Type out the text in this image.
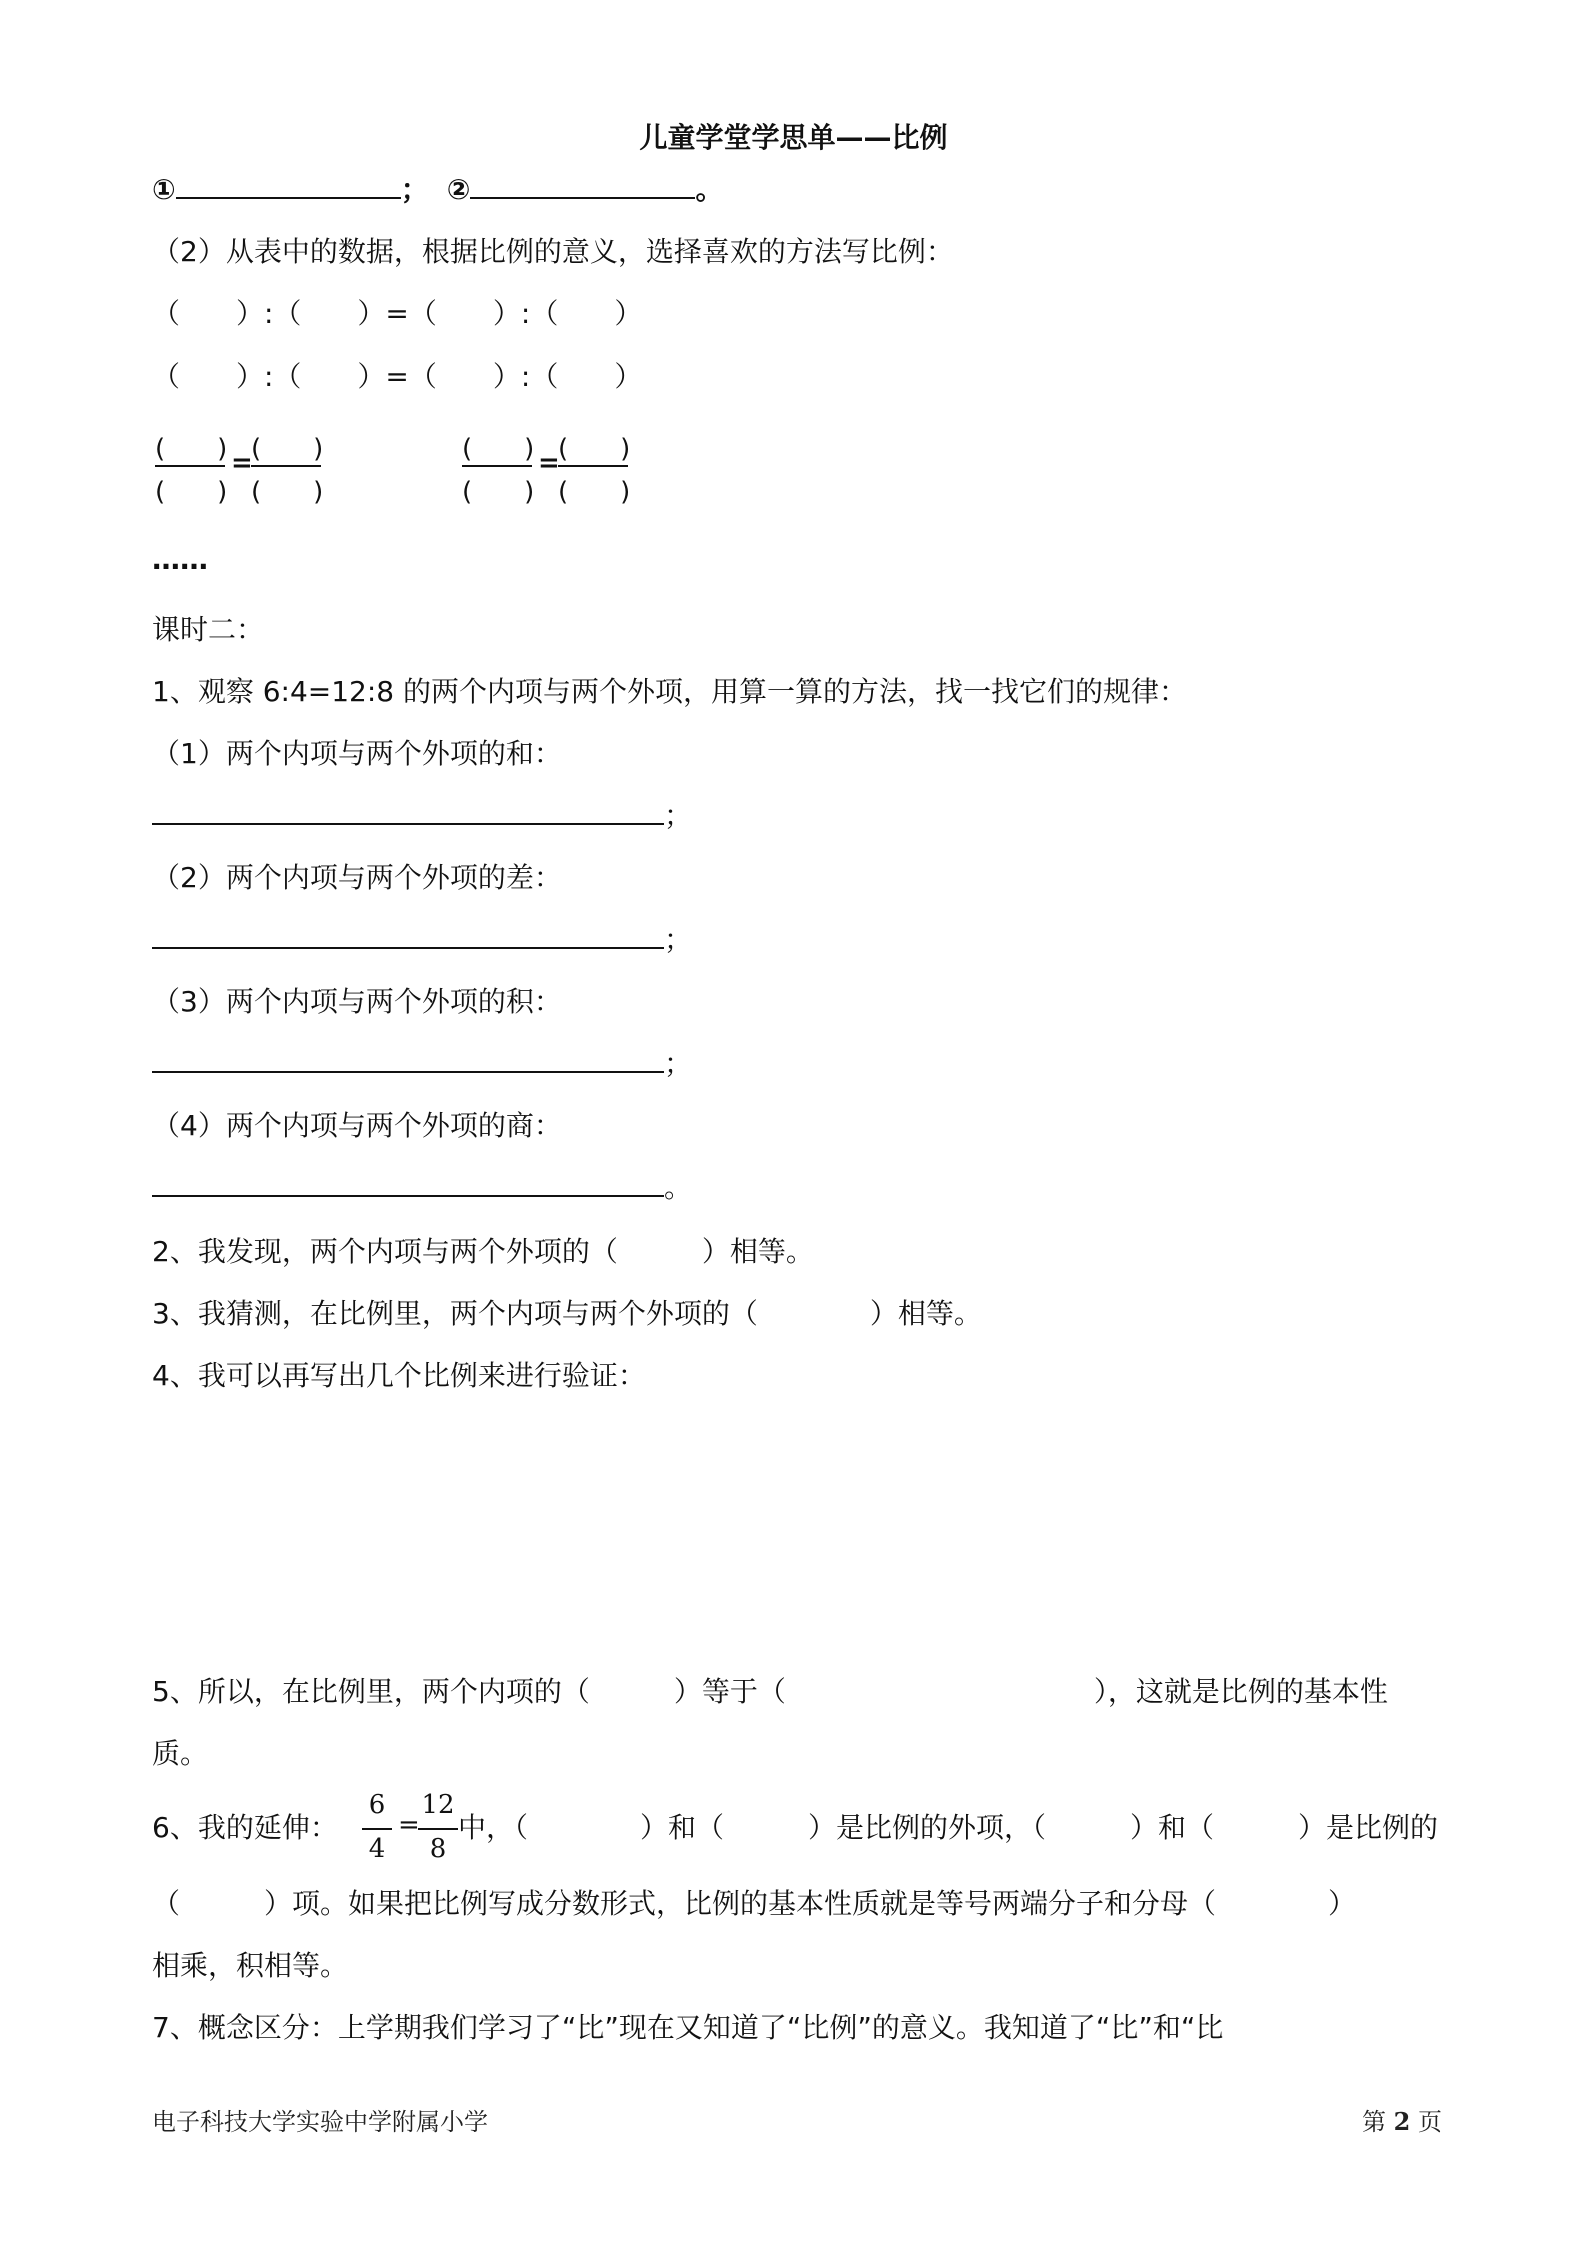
儿童学堂学思单——比例
①	； ②	。
（2）从表中的数据，根据比例的意义，选择喜欢的方法写比例：
（　　）:（　　）=（　　）:（　　）
（　　）:（　　）=（　　）:（　　）
(　　)
(　　)
=
(　　)
(　　)
(　　)
(　　)
=
(　　)
(　　)
……
课时二：
1、观察 6:4=12:8 的两个内项与两个外项，用算一算的方法，找一找它们的规律：
（1）两个内项与两个外项的和：
；
（2）两个内项与两个外项的差：
；
（3）两个内项与两个外项的积：
；
（4）两个内项与两个外项的商：
。
2、我发现，两个内项与两个外项的（　　　）相等。
3、我猜测，在比例里，两个内项与两个外项的（　　　　）相等。
4、我可以再写出几个比例来进行验证：
5、所以，在比例里，两个内项的（　　　）等于（　　　　　　　　　　　），这就是比例的基本性
质。
6、我的延伸：
6
4
=
12
8
中，（　　　　）和（　　　）是比例的外项，（　　　）和（　　　）是比例的
（　　　）项。如果把比例写成分数形式，比例的基本性质就是等号两端分子和分母（　　　　）
相乘，积相等。
7、概念区分：上学期我们学习了“比”现在又知道了“比例”的意义。我知道了“比”和“比
电子科技大学实验中学附属小学	第 2 页
